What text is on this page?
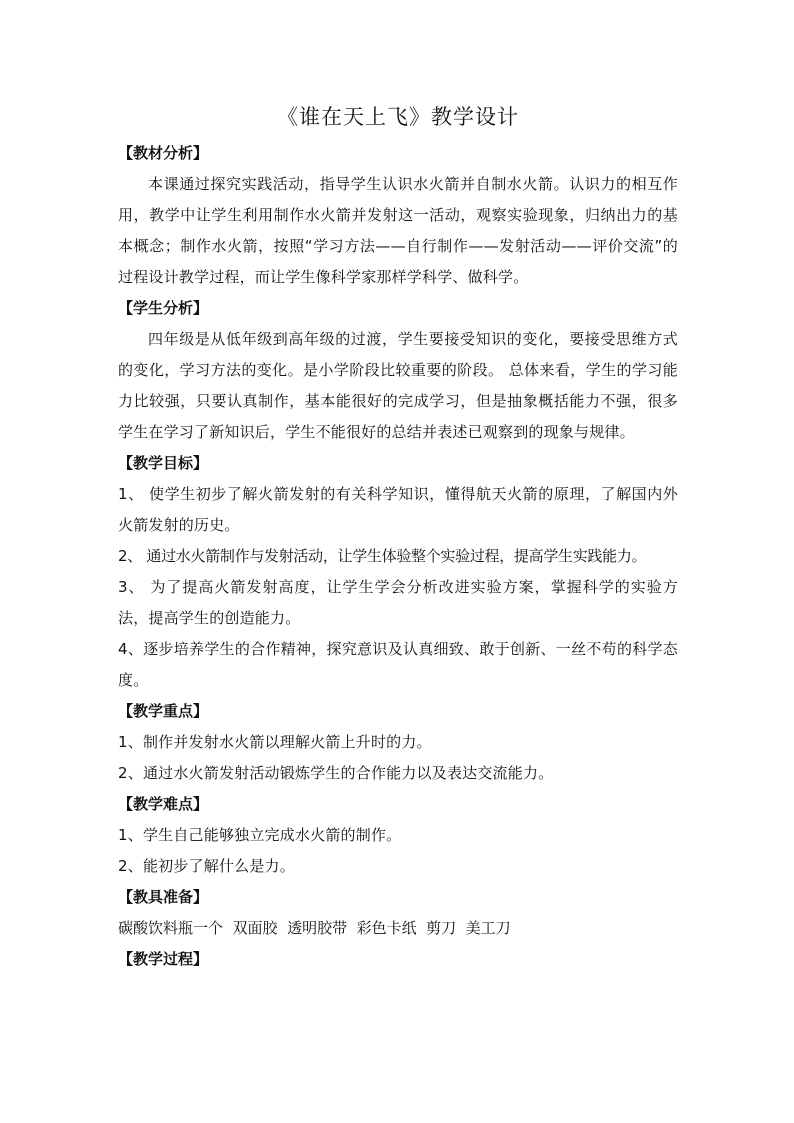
《谁在天上飞》教学设计

【教材分析】

本课通过探究实践活动，指导学生认识水火箭并自制水火箭。认识力的相互作用，教学中让学生利用制作水火箭并发射这一活动，观察实验现象，归纳出力的基本概念；制作水火箭，按照“学习方法——自行制作——发射活动——评价交流”的过程设计教学过程，而让学生像科学家那样学科学、做科学。

【学生分析】

四年级是从低年级到高年级的过渡，学生要接受知识的变化，要接受思维方式的变化，学习方法的变化。是小学阶段比较重要的阶段。 总体来看，学生的学习能力比较强，只要认真制作，基本能很好的完成学习，但是抽象概括能力不强，很多学生在学习了新知识后，学生不能很好的总结并表述已观察到的现象与规律。

【教学目标】

1、 使学生初步了解火箭发射的有关科学知识，懂得航天火箭的原理，了解国内外火箭发射的历史。

2、 通过水火箭制作与发射活动，让学生体验整个实验过程，提高学生实践能力。

3、 为了提高火箭发射高度，让学生学会分析改进实验方案，掌握科学的实验方法，提高学生的创造能力。

4、逐步培养学生的合作精神，探究意识及认真细致、敢于创新、一丝不苟的科学态度。

【教学重点】

1、制作并发射水火箭以理解火箭上升时的力。

2、通过水火箭发射活动锻炼学生的合作能力以及表达交流能力。

【教学难点】

1、学生自己能够独立完成水火箭的制作。

2、能初步了解什么是力。

【教具准备】

碳酸饮料瓶一个  双面胶  透明胶带  彩色卡纸  剪刀  美工刀

【教学过程】
